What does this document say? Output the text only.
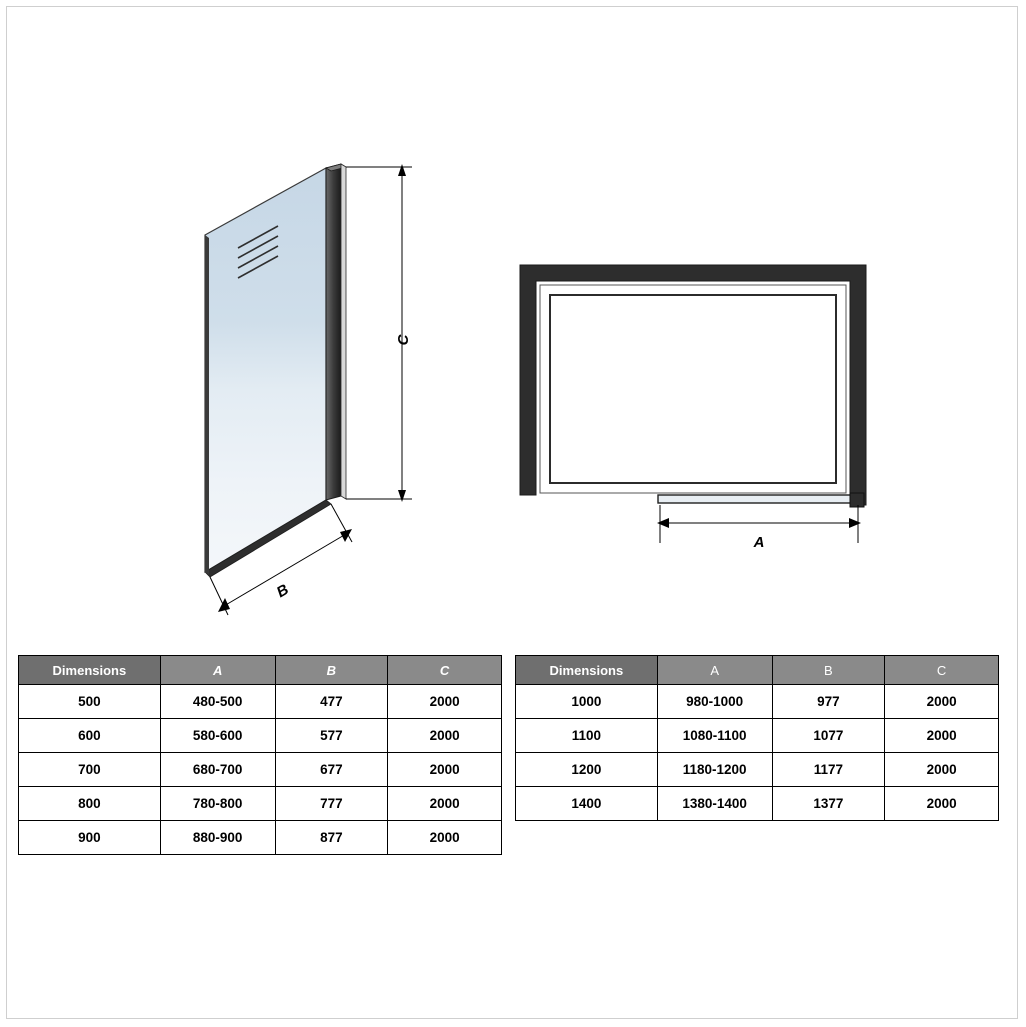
C
B
A
Dimensions	A	B	C
500	480-500	477	2000
600	580-600	577	2000
700	680-700	677	2000
800	780-800	777	2000
900	880-900	877	2000
Dimensions	A	B	C
1000	980-1000	977	2000
1100	1080-1100	1077	2000
1200	1180-1200	1177	2000
1400	1380-1400	1377	2000
